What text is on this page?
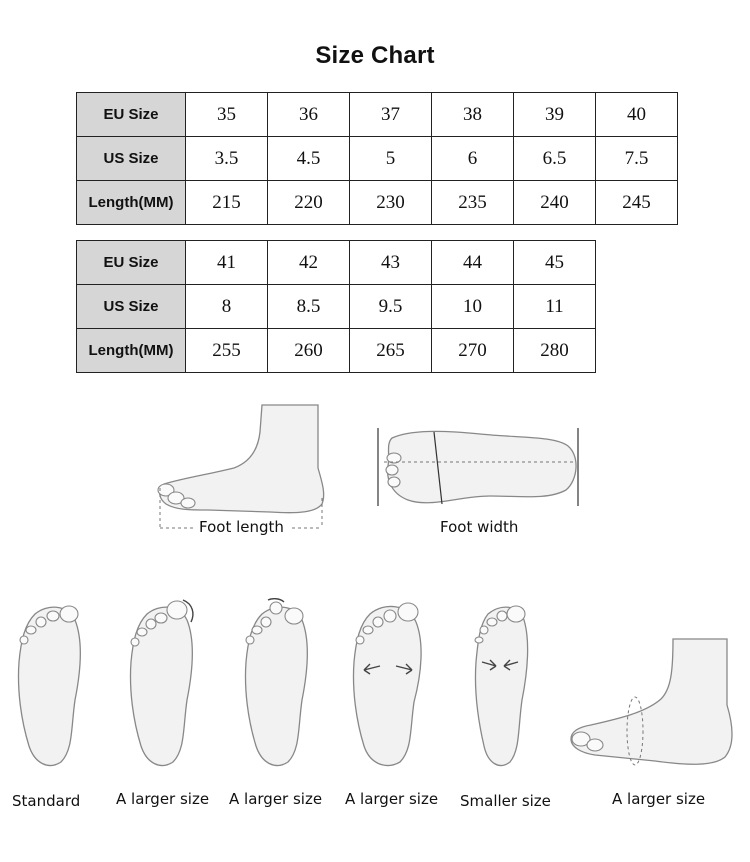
Size Chart
EU Size	35	36	37	38	39	40
US Size	3.5	4.5	5	6	6.5	7.5
Length(MM)	215	220	230	235	240	245
EU Size	41	42	43	44	45
US Size	8	8.5	9.5	10	11
Length(MM)	255	260	265	270	280
Foot length	Foot width
Standard A larger size A larger size A larger size Smaller size	A larger size
